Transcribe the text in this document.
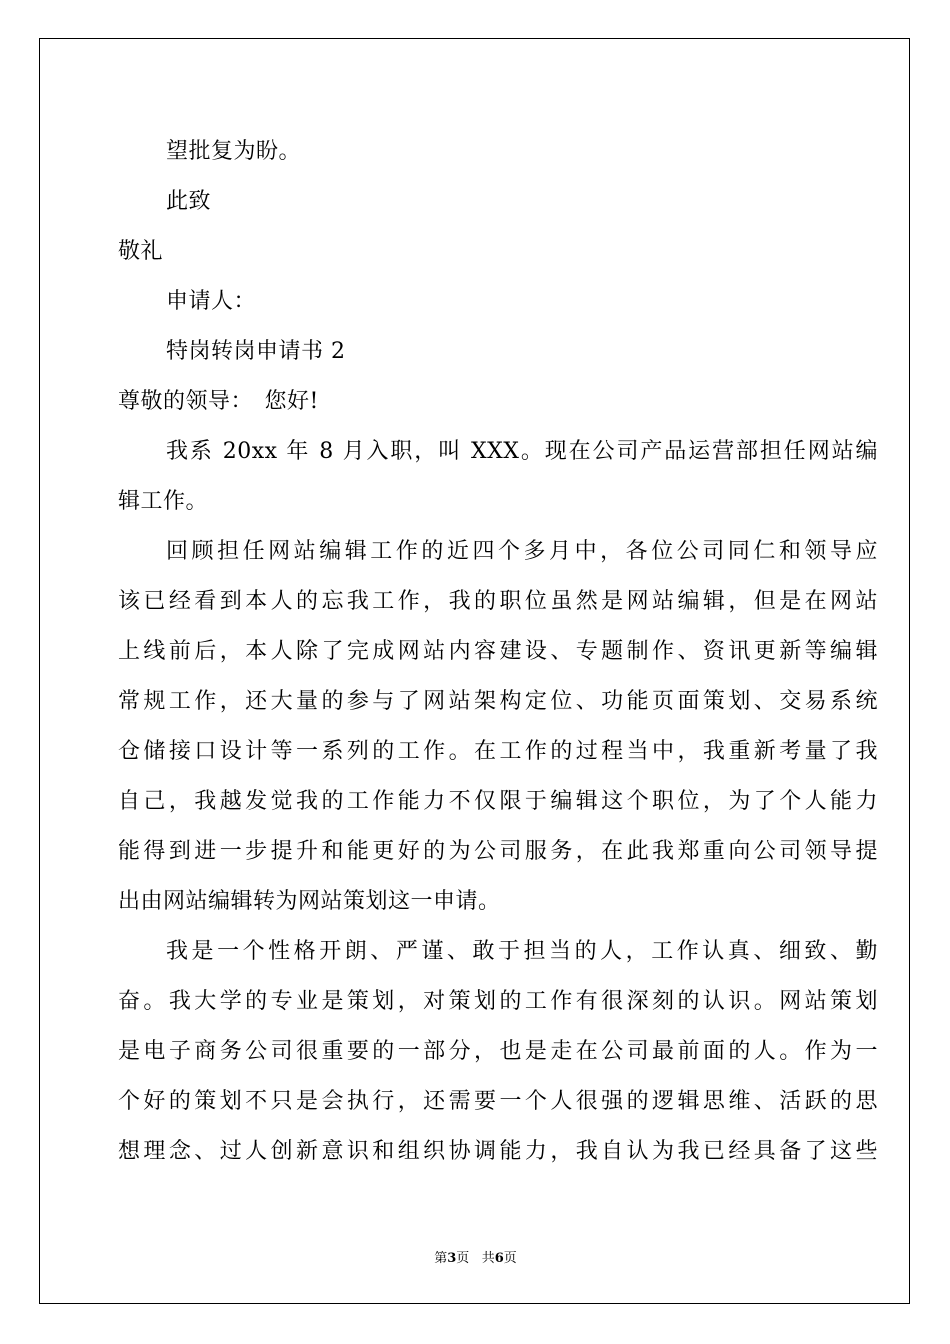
望批复为盼。
此致
敬礼
申请人：
特岗转岗申请书 2
尊敬的领导：　您好!
我系 20xx 年 8 月入职，叫 XXX。现在公司产品运营部担任网站编
辑工作。
回顾担任网站编辑工作的近四个多月中，各位公司同仁和领导应
该已经看到本人的忘我工作，我的职位虽然是网站编辑，但是在网站
上线前后，本人除了完成网站内容建设、专题制作、资讯更新等编辑
常规工作，还大量的参与了网站架构定位、功能页面策划、交易系统
仓储接口设计等一系列的工作。在工作的过程当中，我重新考量了我
自己，我越发觉我的工作能力不仅限于编辑这个职位，为了个人能力
能得到进一步提升和能更好的为公司服务，在此我郑重向公司领导提
出由网站编辑转为网站策划这一申请。
我是一个性格开朗、严谨、敢于担当的人，工作认真、细致、勤
奋。我大学的专业是策划，对策划的工作有很深刻的认识。网站策划
是电子商务公司很重要的一部分，也是走在公司最前面的人。作为一
个好的策划不只是会执行，还需要一个人很强的逻辑思维、活跃的思
想理念、过人创新意识和组织协调能力，我自认为我已经具备了这些
第3页 共6页
